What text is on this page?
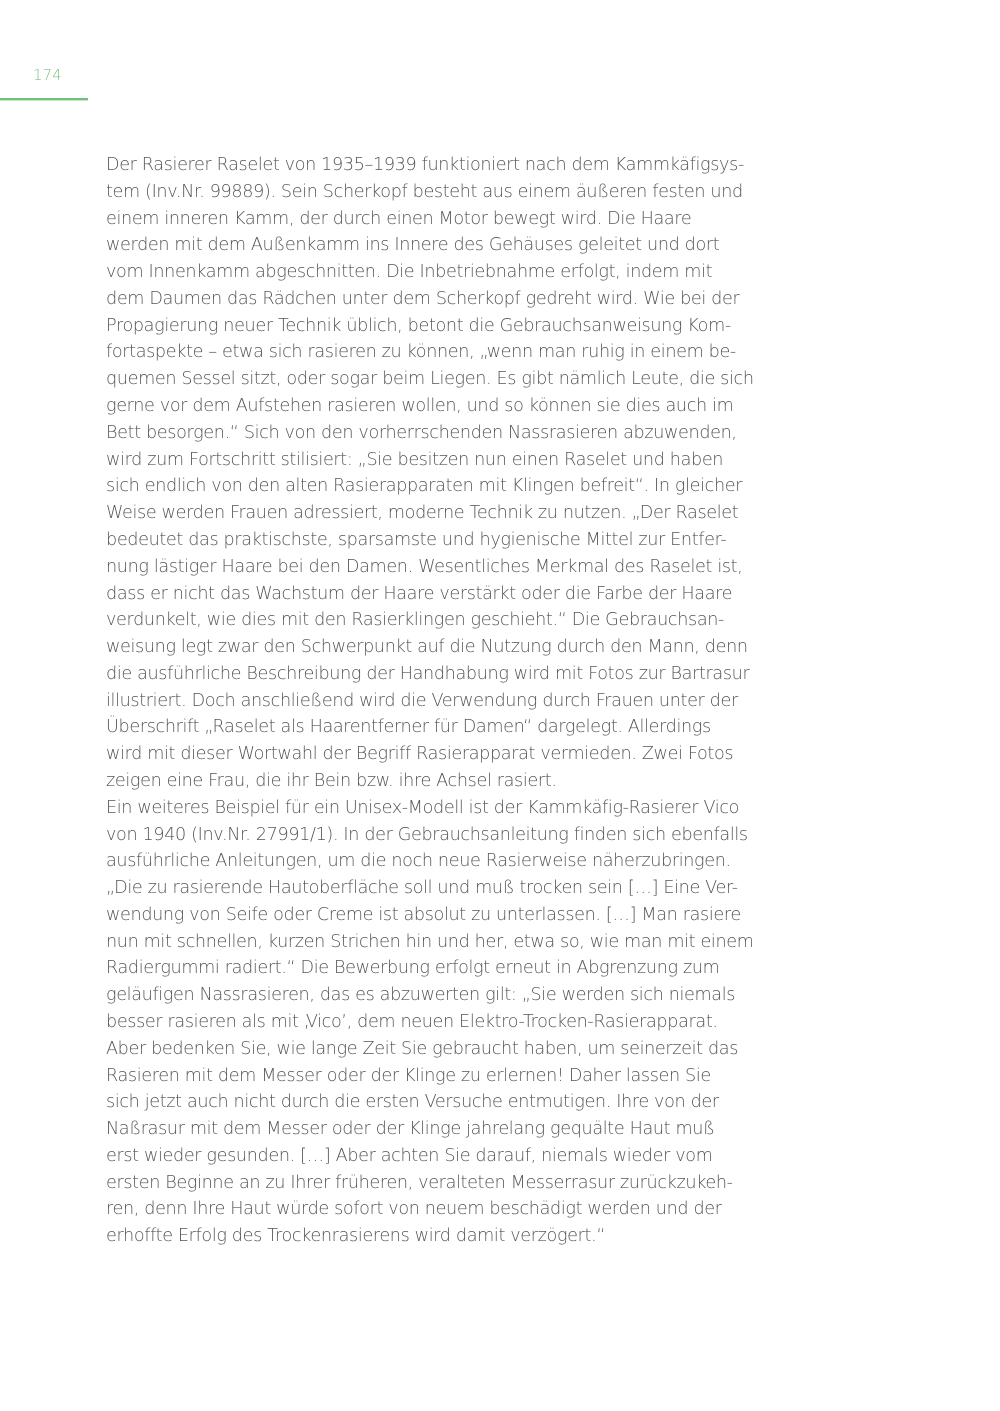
174
Der Rasierer Raselet von 1935–1939 funktioniert nach dem Kammkäfigsys-
tem (Inv.Nr. 99889). Sein Scherkopf besteht aus einem äußeren festen und
einem inneren Kamm, der durch einen Motor bewegt wird. Die Haare
werden mit dem Außenkamm ins Innere des Gehäuses geleitet und dort
vom Innenkamm abgeschnitten. Die Inbetriebnahme erfolgt, indem mit
dem Daumen das Rädchen unter dem Scherkopf gedreht wird. Wie bei der
Propagierung neuer Technik üblich, betont die Gebrauchsanweisung Kom-
fortaspekte – etwa sich rasieren zu können, „wenn man ruhig in einem be-
quemen Sessel sitzt, oder sogar beim Liegen. Es gibt nämlich Leute, die sich
gerne vor dem Aufstehen rasieren wollen, und so können sie dies auch im
Bett besorgen.“ Sich von den vorherrschenden Nassrasieren abzuwenden,
wird zum Fortschritt stilisiert: „Sie besitzen nun einen Raselet und haben
sich endlich von den alten Rasierapparaten mit Klingen befreit“. In gleicher
Weise werden Frauen adressiert, moderne Technik zu nutzen. „Der Raselet
bedeutet das praktischste, sparsamste und hygienische Mittel zur Entfer-
nung lästiger Haare bei den Damen. Wesentliches Merkmal des Raselet ist,
dass er nicht das Wachstum der Haare verstärkt oder die Farbe der Haare
verdunkelt, wie dies mit den Rasierklingen geschieht.“ Die Gebrauchsan-
weisung legt zwar den Schwerpunkt auf die Nutzung durch den Mann, denn
die ausführliche Beschreibung der Handhabung wird mit Fotos zur Bartrasur
illustriert. Doch anschließend wird die Verwendung durch Frauen unter der
Überschrift „Raselet als Haarentferner für Damen“ dargelegt. Allerdings
wird mit dieser Wortwahl der Begriff Rasierapparat vermieden. Zwei Fotos
zeigen eine Frau, die ihr Bein bzw. ihre Achsel rasiert.
Ein weiteres Beispiel für ein Unisex-Modell ist der Kammkäfig-Rasierer Vico
von 1940 (Inv.Nr. 27991/1). In der Gebrauchsanleitung finden sich ebenfalls
ausführliche Anleitungen, um die noch neue Rasierweise näherzubringen.
„Die zu rasierende Hautoberfläche soll und muß trocken sein […] Eine Ver-
wendung von Seife oder Creme ist absolut zu unterlassen. […] Man rasiere
nun mit schnellen, kurzen Strichen hin und her, etwa so, wie man mit einem
Radiergummi radiert.“ Die Bewerbung erfolgt erneut in Abgrenzung zum
geläufigen Nassrasieren, das es abzuwerten gilt: „Sie werden sich niemals
besser rasieren als mit ‚Vico’, dem neuen Elektro-Trocken-Rasierapparat.
Aber bedenken Sie, wie lange Zeit Sie gebraucht haben, um seinerzeit das
Rasieren mit dem Messer oder der Klinge zu erlernen! Daher lassen Sie
sich jetzt auch nicht durch die ersten Versuche entmutigen. Ihre von der
Naßrasur mit dem Messer oder der Klinge jahrelang gequälte Haut muß
erst wieder gesunden. […] Aber achten Sie darauf, niemals wieder vom
ersten Beginne an zu Ihrer früheren, veralteten Messerrasur zurückzukeh-
ren, denn Ihre Haut würde sofort von neuem beschädigt werden und der
erhoffte Erfolg des Trockenrasierens wird damit verzögert.“
